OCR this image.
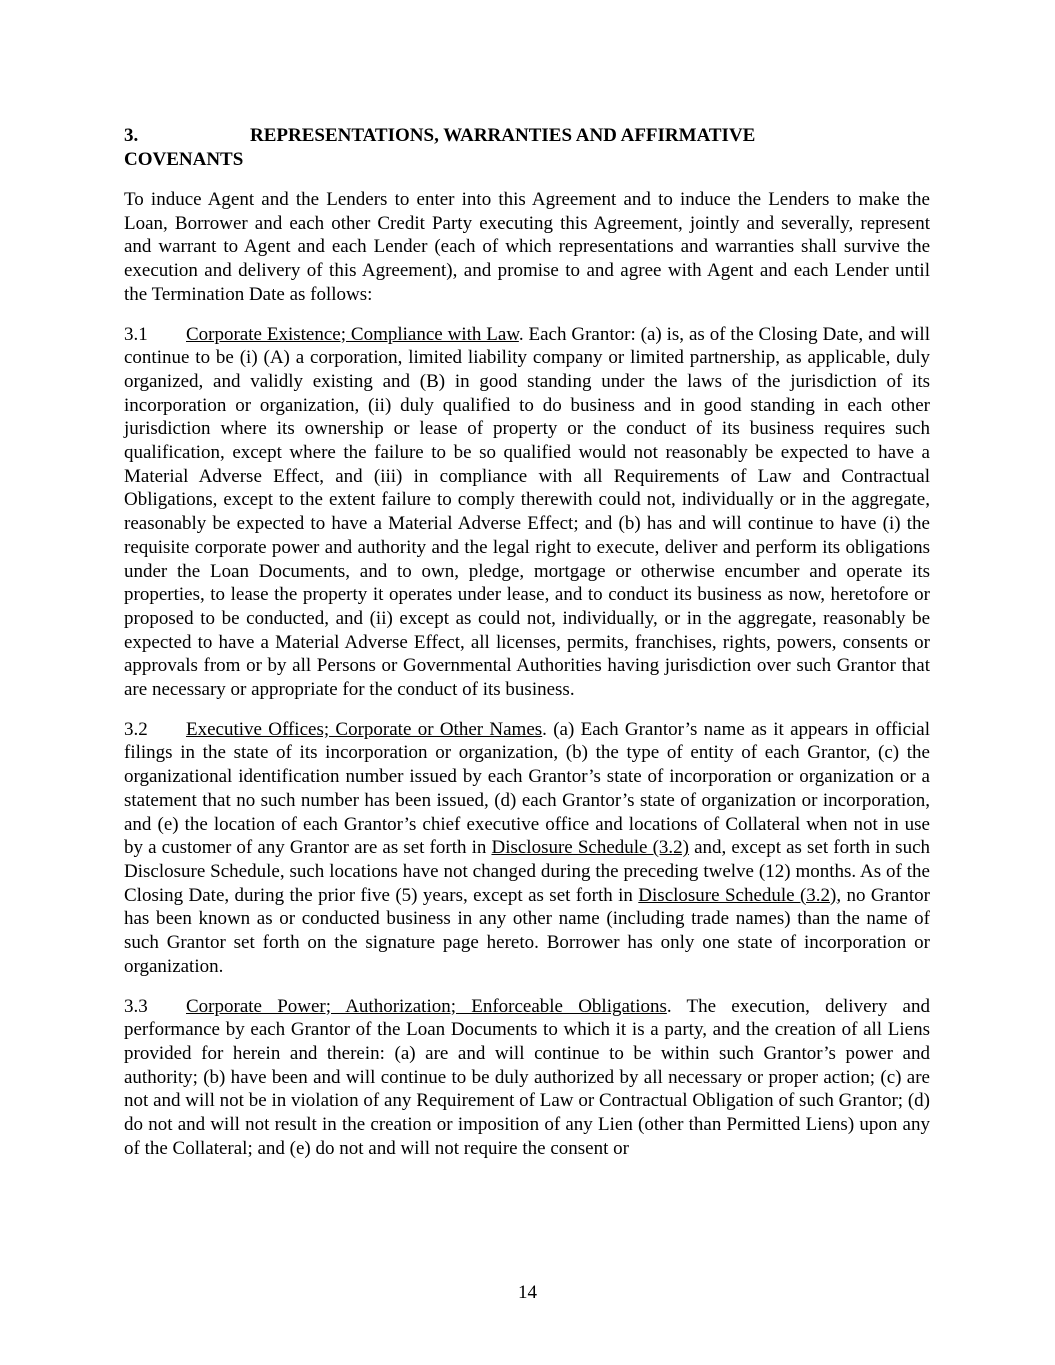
3.	REPRESENTATIONS, WARRANTIES AND AFFIRMATIVE
COVENANTS

To induce Agent and the Lenders to enter into this Agreement and to induce the Lenders to make the Loan, Borrower and each other Credit Party executing this Agreement, jointly and severally, represent and warrant to Agent and each Lender (each of which representations and warranties shall survive the execution and delivery of this Agreement), and promise to and agree with Agent and each Lender until the Termination Date as follows:

3.1 Corporate Existence; Compliance with Law. Each Grantor: (a) is, as of the Closing Date, and will continue to be (i) (A) a corporation, limited liability company or limited partnership, as applicable, duly organized, and validly existing and (B) in good standing under the laws of the jurisdiction of its incorporation or organization, (ii) duly qualified to do business and in good standing in each other jurisdiction where its ownership or lease of property or the conduct of its business requires such qualification, except where the failure to be so qualified would not reasonably be expected to have a Material Adverse Effect, and (iii) in compliance with all Requirements of Law and Contractual Obligations, except to the extent failure to comply therewith could not, individually or in the aggregate, reasonably be expected to have a Material Adverse Effect; and (b) has and will continue to have (i) the requisite corporate power and authority and the legal right to execute, deliver and perform its obligations under the Loan Documents, and to own, pledge, mortgage or otherwise encumber and operate its properties, to lease the property it operates under lease, and to conduct its business as now, heretofore or proposed to be conducted, and (ii) except as could not, individually, or in the aggregate, reasonably be expected to have a Material Adverse Effect, all licenses, permits, franchises, rights, powers, consents or approvals from or by all Persons or Governmental Authorities having jurisdiction over such Grantor that are necessary or appropriate for the conduct of its business.

3.2 Executive Offices; Corporate or Other Names. (a) Each Grantor’s name as it appears in official filings in the state of its incorporation or organization, (b) the type of entity of each Grantor, (c) the organizational identification number issued by each Grantor’s state of incorporation or organization or a statement that no such number has been issued, (d) each Grantor’s state of organization or incorporation, and (e) the location of each Grantor’s chief executive office and locations of Collateral when not in use by a customer of any Grantor are as set forth in Disclosure Schedule (3.2) and, except as set forth in such Disclosure Schedule, such locations have not changed during the preceding twelve (12) months. As of the Closing Date, during the prior five (5) years, except as set forth in Disclosure Schedule (3.2), no Grantor has been known as or conducted business in any other name (including trade names) than the name of such Grantor set forth on the signature page hereto. Borrower has only one state of incorporation or organization.

3.3 Corporate Power; Authorization; Enforceable Obligations. The execution, delivery and performance by each Grantor of the Loan Documents to which it is a party, and the creation of all Liens provided for herein and therein: (a) are and will continue to be within such Grantor’s power and authority; (b) have been and will continue to be duly authorized by all necessary or proper action; (c) are not and will not be in violation of any Requirement of Law or Contractual Obligation of such Grantor; (d) do not and will not result in the creation or imposition of any Lien (other than Permitted Liens) upon any of the Collateral; and (e) do not and will not require the consent or

14
